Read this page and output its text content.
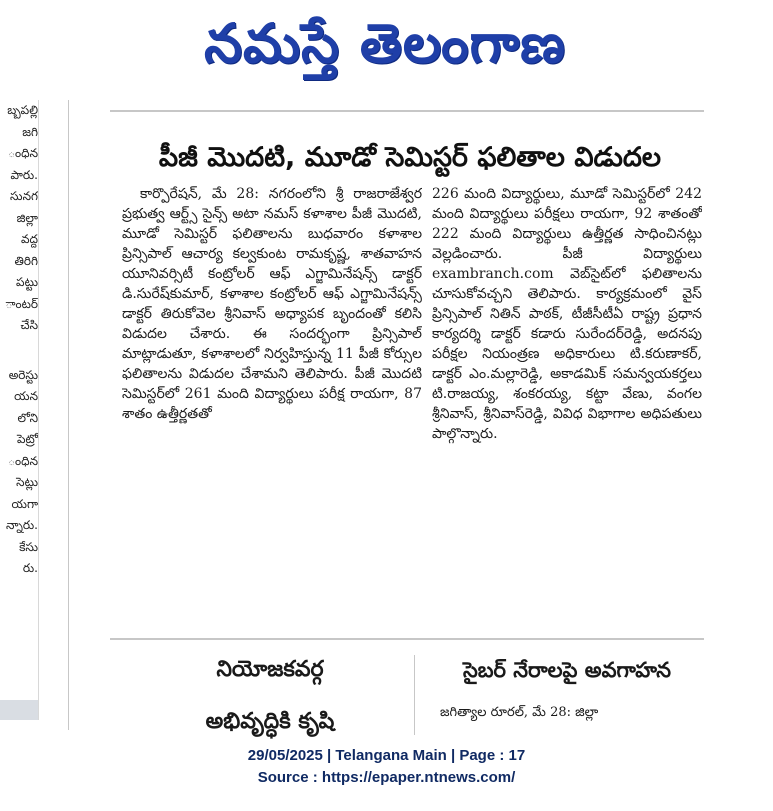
నమస్తే తెలంగాణ
బ్బపల్లి
జగి
ంధిన
పారు.
సునగ
జిల్లా
వద్ద
తిరిగి
పట్టు
ాంటర్
చేసి
అరెస్టు
యన
లోని
పెట్రో
ంధిన
సెట్లు
యగా
న్నారు.
కేసు
రు.
పీజీ మొదటి, మూడో సెమిస్టర్ ఫలితాల విడుదల
కార్పొరేషన్, మే 28: నగరంలోని శ్రీ రాజరాజేశ్వర ప్రభుత్వ ఆర్ట్స్ సైన్స్ అటా నమస్ కళాశాల పీజీ మొదటి, మూడో సెమిస్టర్ ఫలితాలను బుధవారం కళాశాల ప్రిన్సిపాల్ ఆచార్య కల్వకుంట రామకృష్ణ, శాతవాహన యూనివర్సిటీ కంట్రోలర్ ఆఫ్ ఎగ్జామినేషన్స్ డాక్టర్ డి.సురేష్‌కుమార్, కళాశాల కంట్రోలర్ ఆఫ్ ఎగ్జామినేషన్స్ డాక్టర్ తిరుకోవెల శ్రీనివాస్ అధ్యాపక బృందంతో కలిసి విడుదల చేశారు. ఈ సందర్భంగా ప్రిన్సిపాల్ మాట్లాడుతూ, కళాశాలలో నిర్వహిస్తున్న 11 పీజీ కోర్సుల ఫలితాలను విడుదల చేశామని తెలిపారు. పీజీ మొదటి సెమిస్టర్‌లో 261 మంది విద్యార్థులు పరీక్ష రాయగా, 87 శాతం ఉత్తీర్ణతతో
226 మంది విద్యార్థులు, మూడో సెమిస్టర్‌లో 242 మంది విద్యార్థులు పరీక్షలు రాయగా, 92 శాతంతో 222 మంది విద్యార్థులు ఉత్తీర్ణత సాధించినట్లు వెల్లడించారు. పీజీ విద్యార్థులు exambranch.com వెబ్‌సైట్‌లో ఫలితాలను చూసుకోవచ్చని తెలిపారు. కార్యక్రమంలో వైస్ ప్రిన్సిపాల్ నితిన్ పాఠక్, టీజీసీటీఏ రాష్ట్ర ప్రధాన కార్యదర్శి డాక్టర్ కడారు సురేందర్‌రెడ్డి, అదనపు పరీక్షల నియంత్రణ అధికారులు టి.కరుణాకర్, డాక్టర్ ఎం.మల్లారెడ్డి, అకాడమిక్ సమన్వయకర్తలు టి.రాజయ్య, శంకరయ్య, కట్టా వేణు, వంగల శ్రీనివాస్, శ్రీనివాస్‌రెడ్డి, వివిధ విభాగాల అధిపతులు పాల్గొన్నారు.
నియోజకవర్గ
అభివృద్ధికి కృషి
సైబర్ నేరాలపై అవగాహన
జగిత్యాల రూరల్, మే 28: జిల్లా
29/05/2025 | Telangana Main | Page : 17
Source : https://epaper.ntnews.com/
